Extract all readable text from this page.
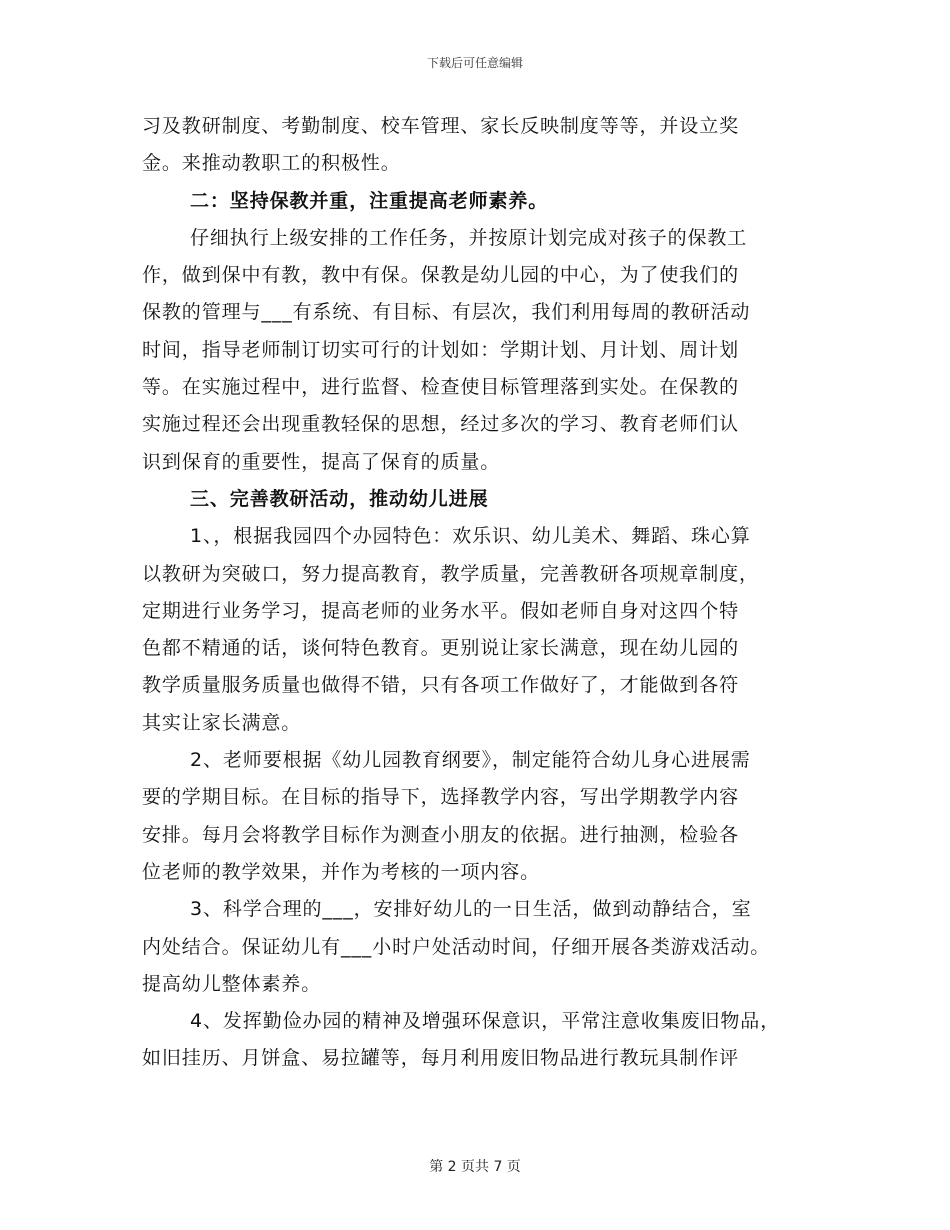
下载后可任意编辑
习及教研制度、考勤制度、校车管理、家长反映制度等等，并设立奖
金。来推动教职工的积极性。
二：坚持保教并重，注重提高老师素养。
仔细执行上级安排的工作任务，并按原计划完成对孩子的保教工
作，做到保中有教，教中有保。保教是幼儿园的中心，为了使我们的
保教的管理与___有系统、有目标、有层次，我们利用每周的教研活动
时间，指导老师制订切实可行的计划如：学期计划、月计划、周计划
等。在实施过程中，进行监督、检查使目标管理落到实处。在保教的
实施过程还会出现重教轻保的思想，经过多次的学习、教育老师们认
识到保育的重要性，提高了保育的质量。
三、完善教研活动，推动幼儿进展
1、，根据我园四个办园特色：欢乐识、幼儿美术、舞蹈、珠心算
以教研为突破口，努力提高教育，教学质量，完善教研各项规章制度，
定期进行业务学习，提高老师的业务水平。假如老师自身对这四个特
色都不精通的话，谈何特色教育。更别说让家长满意，现在幼儿园的
教学质量服务质量也做得不错，只有各项工作做好了，才能做到各符
其实让家长满意。
2、老师要根据《幼儿园教育纲要》，制定能符合幼儿身心进展需
要的学期目标。在目标的指导下，选择教学内容，写出学期教学内容
安排。每月会将教学目标作为测查小朋友的依据。进行抽测，检验各
位老师的教学效果，并作为考核的一项内容。
3、科学合理的___，安排好幼儿的一日生活，做到动静结合，室
内处结合。保证幼儿有___小时户处活动时间，仔细开展各类游戏活动。
提高幼儿整体素养。
4、发挥勤俭办园的精神及增强环保意识，平常注意收集废旧物品，
如旧挂历、月饼盒、易拉罐等，每月利用废旧物品进行教玩具制作评
第 2 页共 7 页
